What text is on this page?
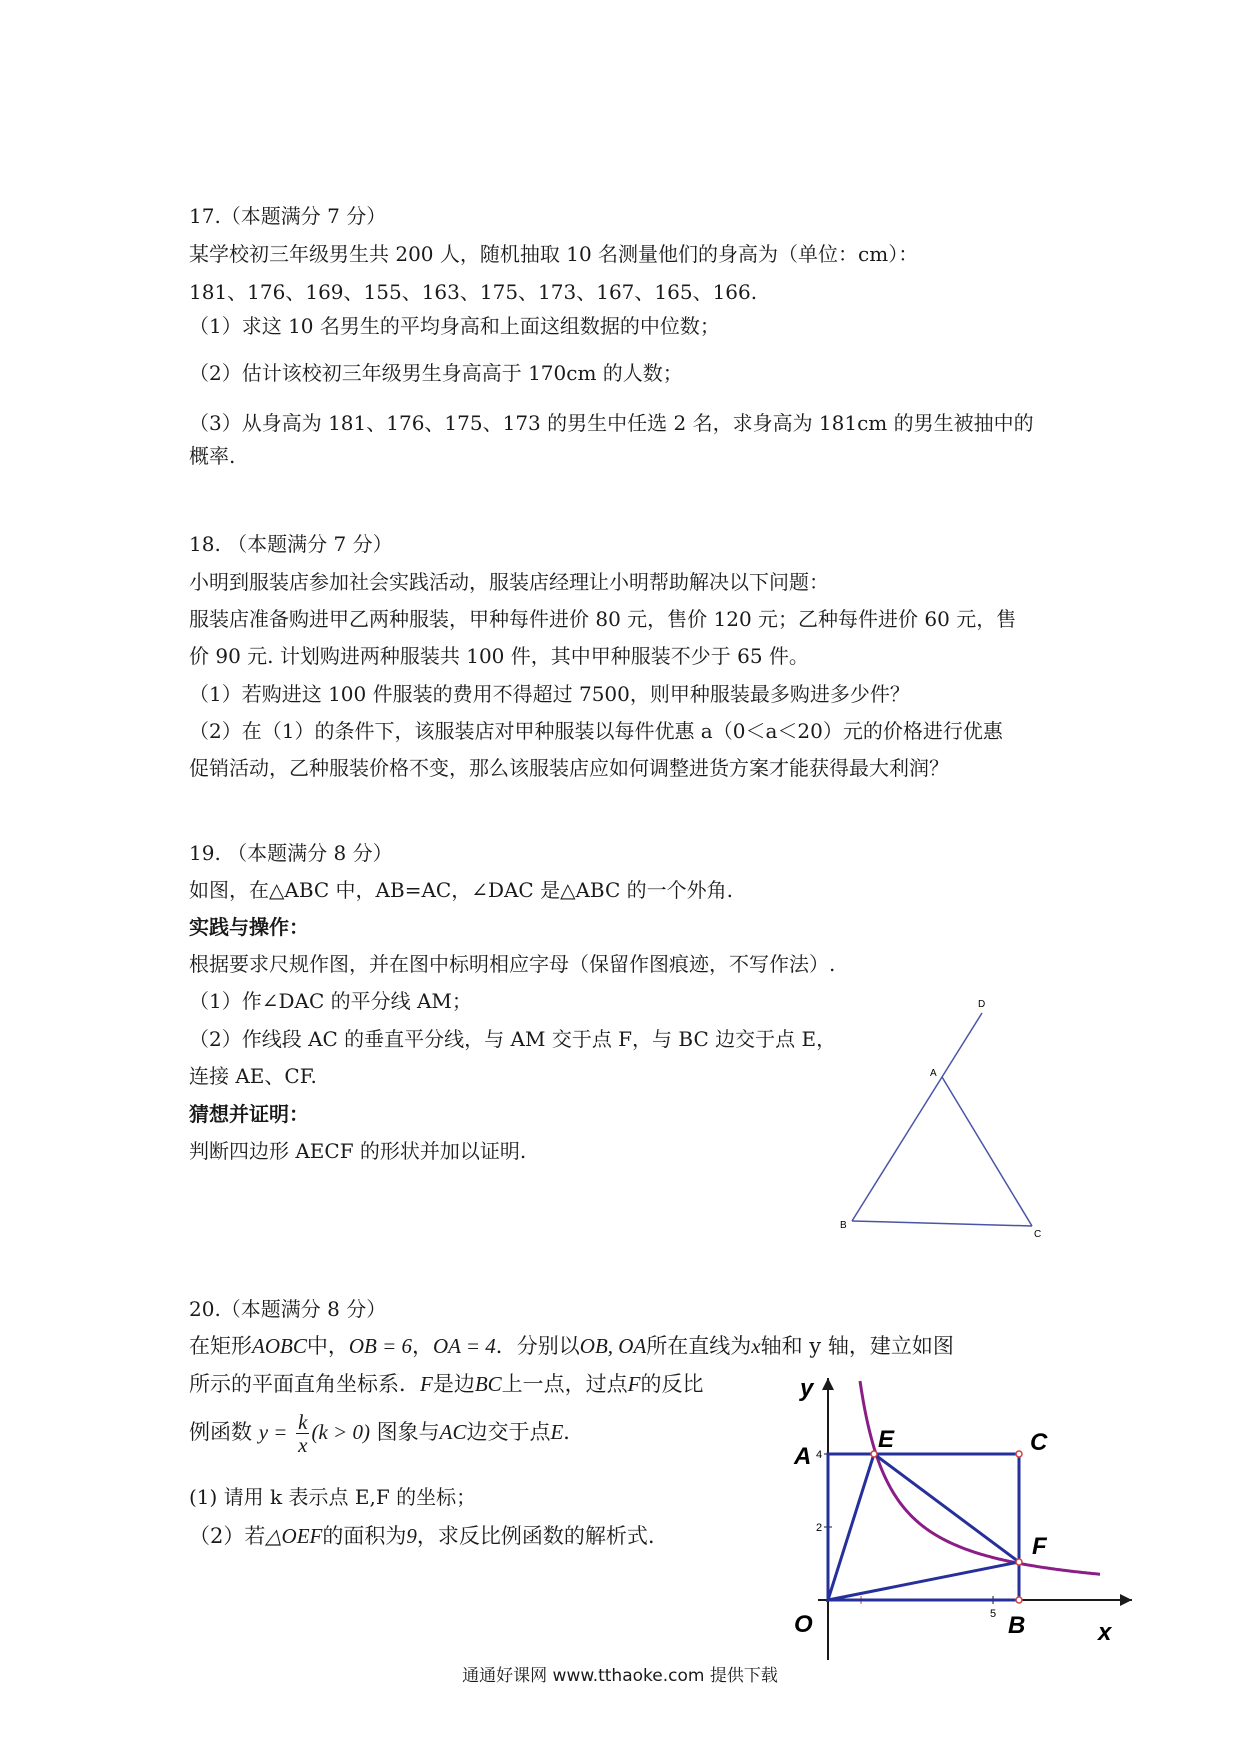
17.（本题满分 7 分）
某学校初三年级男生共 200 人，随机抽取 10 名测量他们的身高为（单位：cm）：
181、176、169、155、163、175、173、167、165、166.
（1）求这 10 名男生的平均身高和上面这组数据的中位数；
（2）估计该校初三年级男生身高高于 170cm 的人数；
（3）从身高为 181、176、175、173 的男生中任选 2 名，求身高为 181cm 的男生被抽中的
概率.
18. （本题满分 7 分）
小明到服装店参加社会实践活动，服装店经理让小明帮助解决以下问题：
服装店准备购进甲乙两种服装，甲种每件进价 80 元，售价 120 元；乙种每件进价 60 元，售
价 90 元. 计划购进两种服装共 100 件，其中甲种服装不少于 65 件。
（1）若购进这 100 件服装的费用不得超过 7500，则甲种服装最多购进多少件？
（2）在（1）的条件下，该服装店对甲种服装以每件优惠 a（0＜a＜20）元的价格进行优惠
促销活动，乙种服装价格不变，那么该服装店应如何调整进货方案才能获得最大利润？
19. （本题满分 8 分）
如图，在△ABC 中，AB=AC，∠DAC 是△ABC 的一个外角.
实践与操作：
根据要求尺规作图，并在图中标明相应字母（保留作图痕迹，不写作法）.
（1）作∠DAC 的平分线 AM；
（2）作线段 AC 的垂直平分线，与 AM 交于点 F，与 BC 边交于点 E，
连接 AE、CF.
猜想并证明：
判断四边形 AECF 的形状并加以证明.
D
A
B
C
20.（本题满分 8 分）
在矩形AOBC中，OB = 6，OA = 4．分别以OB, OA所在直线为x轴和 y 轴，建立如图
所示的平面直角坐标系．F是边BC上一点，过点F的反比
例函数 $y = \frac{k}{x} (k > 0)$ 图象与AC边交于点E．
(1) 请用 k 表示点 E,F 的坐标；
（2）若△OEF的面积为9，求反比例函数的解析式.
y
A
E	C
F
O	B	x
4
2
5
通通好课网 www.tthaoke.com 提供下载
